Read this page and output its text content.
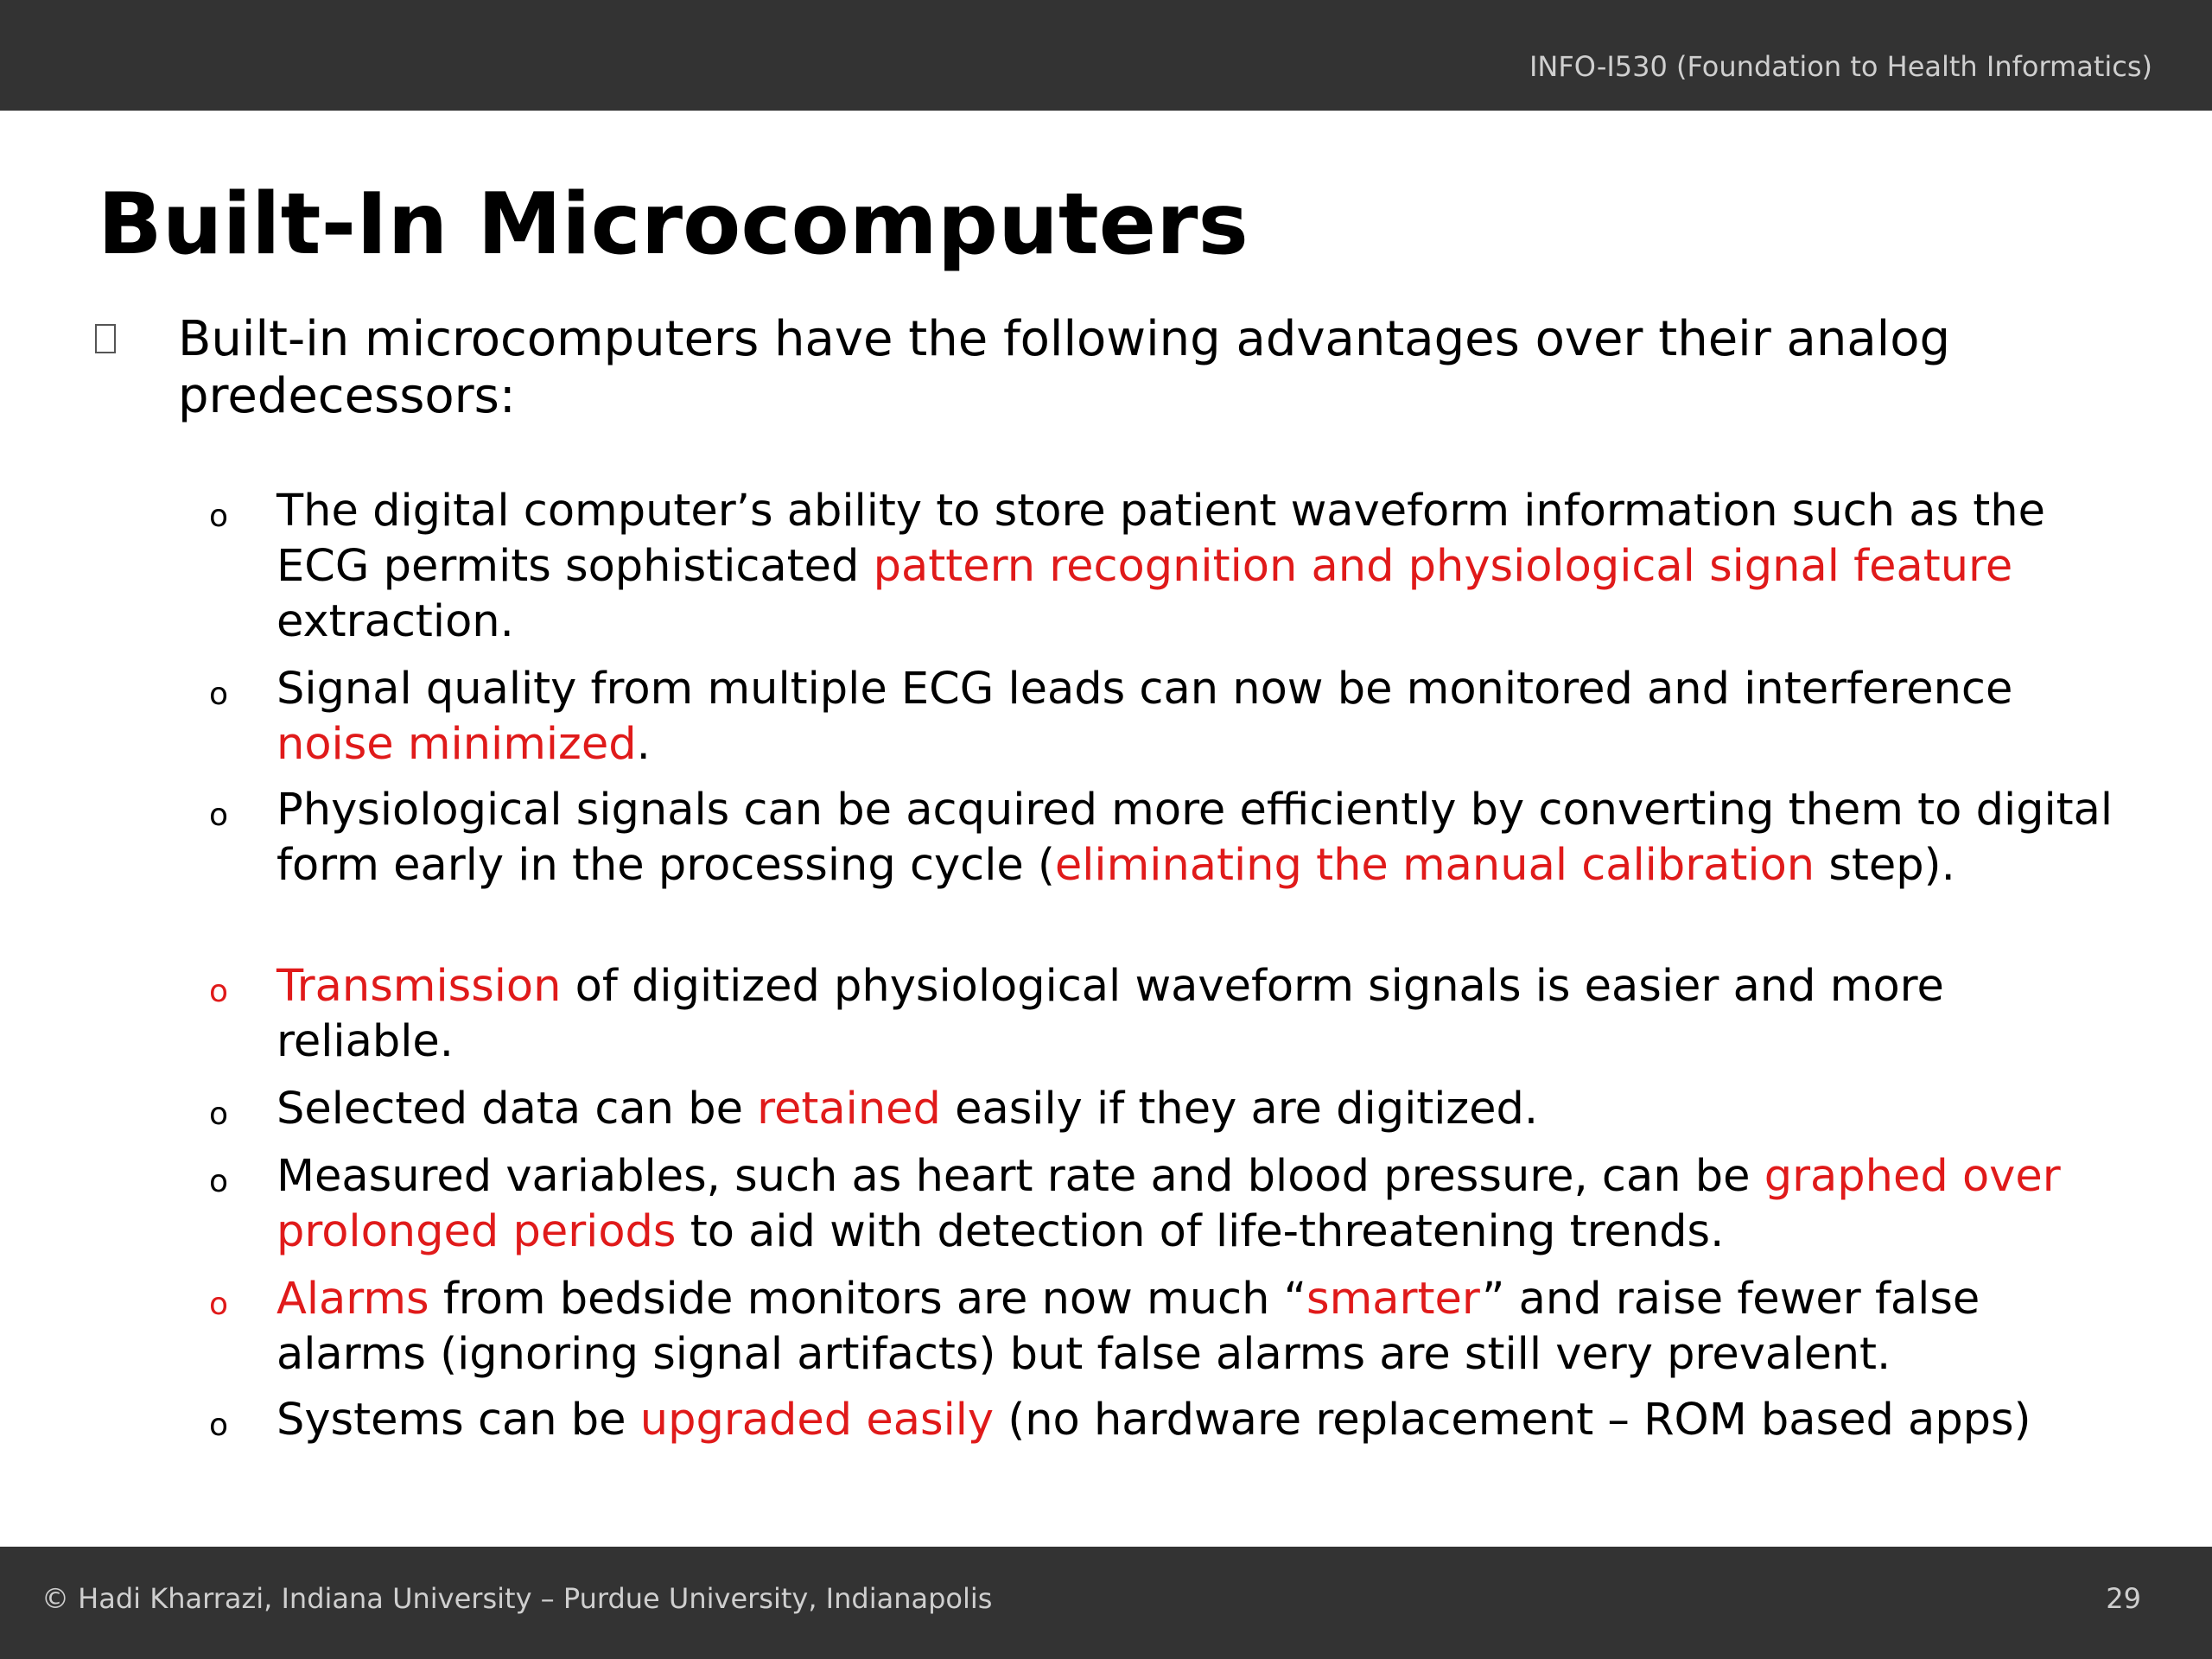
INFO-I530 (Foundation to Health Informatics)
Built-In Microcomputers
Built-in microcomputers have the following advantages over their analog predecessors:
o The digital computer’s ability to store patient waveform information such as the ECG permits sophisticated pattern recognition and physiological signal feature extraction.
o Signal quality from multiple ECG leads can now be monitored and interference noise minimized.
o Physiological signals can be acquired more efficiently by converting them to digital form early in the processing cycle (eliminating the manual calibration step).
o Transmission of digitized physiological waveform signals is easier and more reliable.
o Selected data can be retained easily if they are digitized.
o Measured variables, such as heart rate and blood pressure, can be graphed over prolonged periods to aid with detection of life-threatening trends.
o Alarms from bedside monitors are now much “smarter” and raise fewer false alarms (ignoring signal artifacts) but false alarms are still very prevalent.
o Systems can be upgraded easily (no hardware replacement – ROM based apps)
© Hadi Kharrazi, Indiana University – Purdue University, Indianapolis	29
